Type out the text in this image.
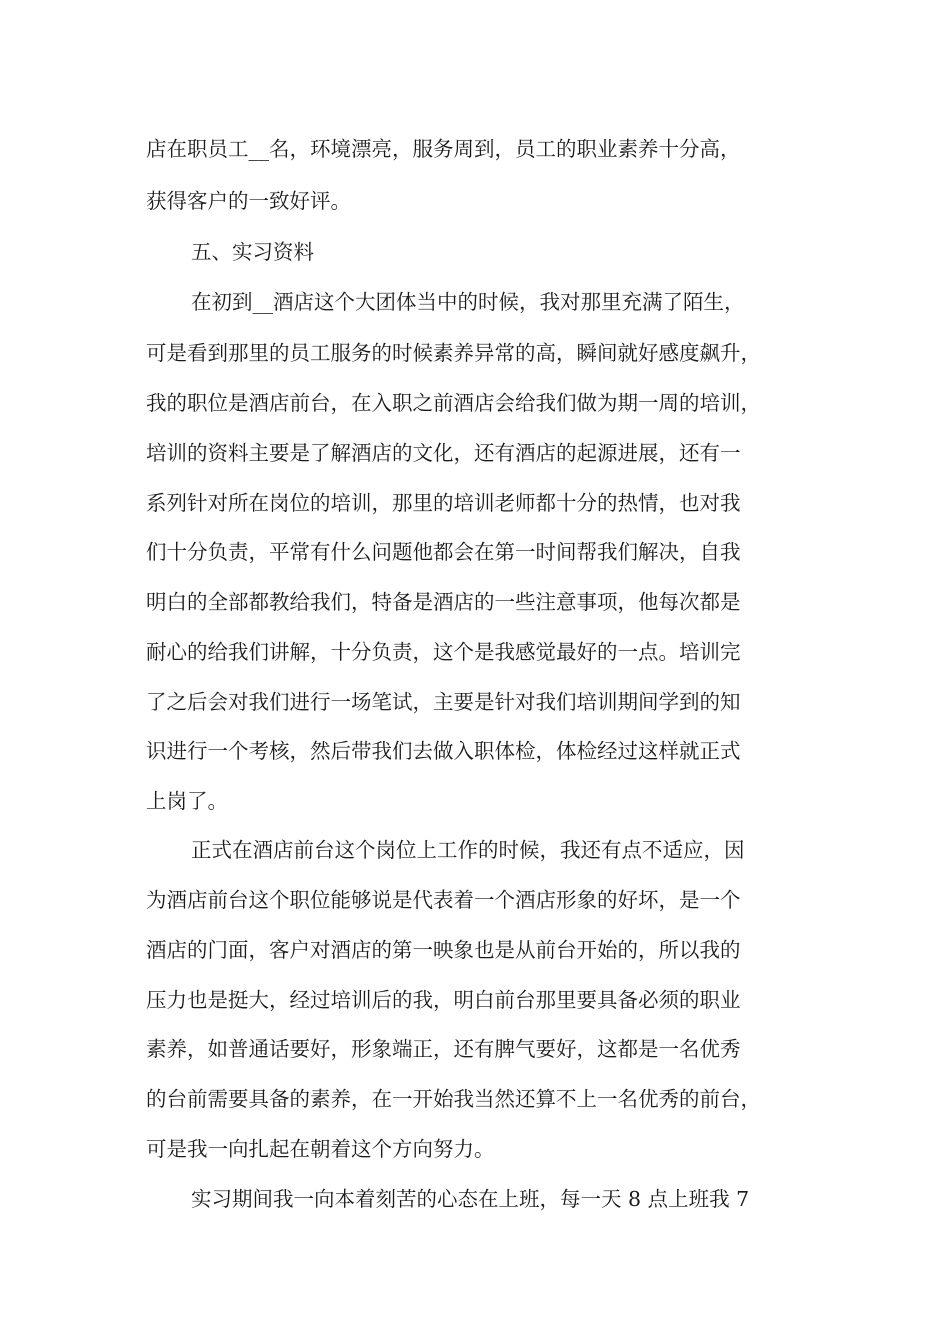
店在职员工__名，环境漂亮，服务周到，员工的职业素养十分高，
获得客户的一致好评。
五、实习资料
在初到__酒店这个大团体当中的时候，我对那里充满了陌生，
可是看到那里的员工服务的时候素养异常的高，瞬间就好感度飙升，
我的职位是酒店前台，在入职之前酒店会给我们做为期一周的培训，
培训的资料主要是了解酒店的文化，还有酒店的起源进展，还有一
系列针对所在岗位的培训，那里的培训老师都十分的热情，也对我
们十分负责，平常有什么问题他都会在第一时间帮我们解决，自我
明白的全部都教给我们，特备是酒店的一些注意事项，他每次都是
耐心的给我们讲解，十分负责，这个是我感觉最好的一点。培训完
了之后会对我们进行一场笔试，主要是针对我们培训期间学到的知
识进行一个考核，然后带我们去做入职体检，体检经过这样就正式
上岗了。
正式在酒店前台这个岗位上工作的时候，我还有点不适应，因
为酒店前台这个职位能够说是代表着一个酒店形象的好坏，是一个
酒店的门面，客户对酒店的第一映象也是从前台开始的，所以我的
压力也是挺大，经过培训后的我，明白前台那里要具备必须的职业
素养，如普通话要好，形象端正，还有脾气要好，这都是一名优秀
的台前需要具备的素养，在一开始我当然还算不上一名优秀的前台，
可是我一向扎起在朝着这个方向努力。
实习期间我一向本着刻苦的心态在上班，每一天 8 点上班我 7
